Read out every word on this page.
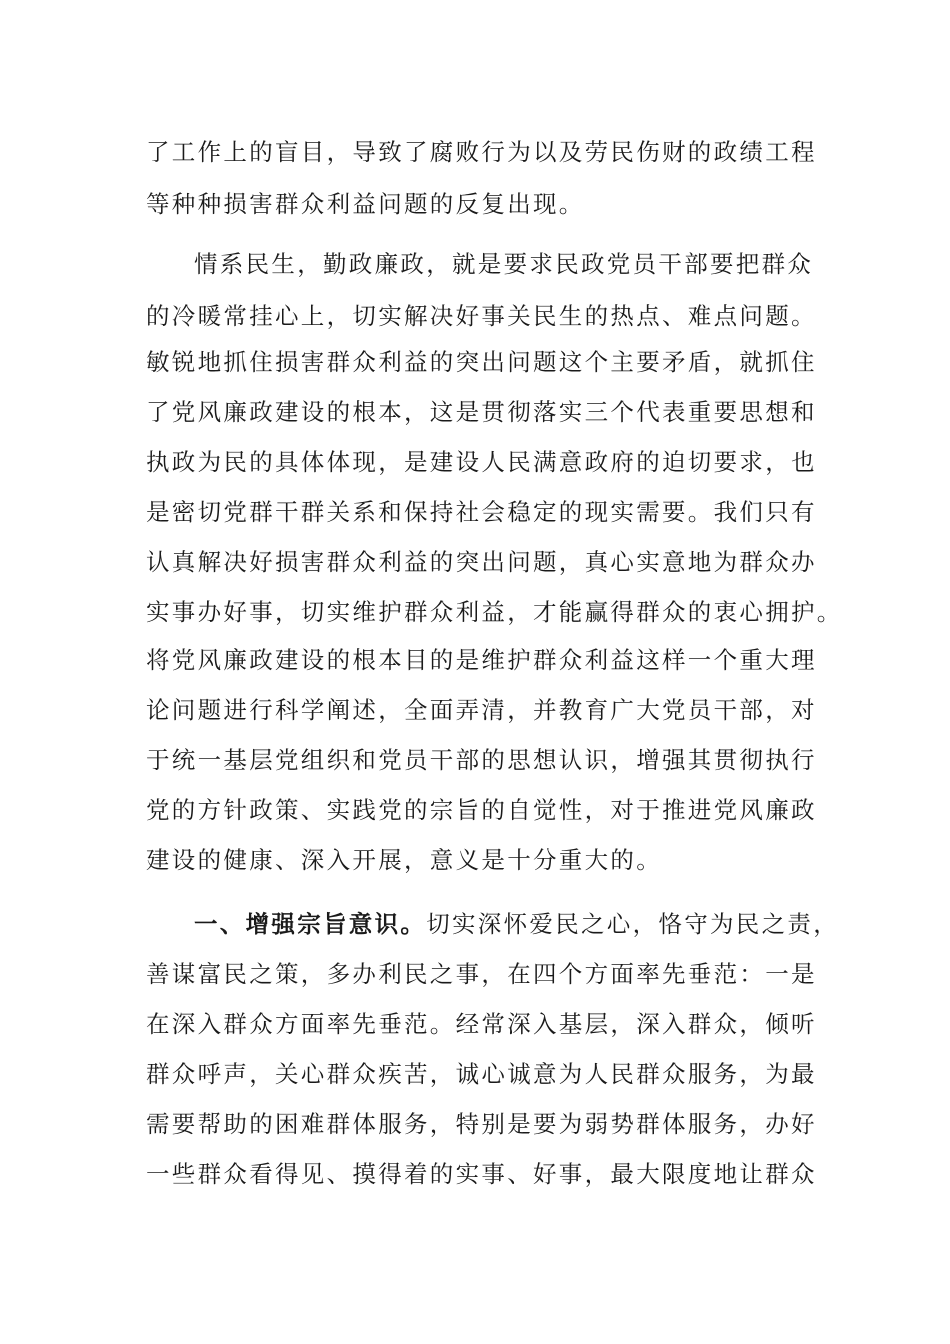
了工作上的盲目，导致了腐败行为以及劳民伤财的政绩工程
等种种损害群众利益问题的反复出现。
情系民生，勤政廉政，就是要求民政党员干部要把群众
的冷暖常挂心上，切实解决好事关民生的热点、难点问题。
敏锐地抓住损害群众利益的突出问题这个主要矛盾，就抓住
了党风廉政建设的根本，这是贯彻落实三个代表重要思想和
执政为民的具体体现，是建设人民满意政府的迫切要求，也
是密切党群干群关系和保持社会稳定的现实需要。我们只有
认真解决好损害群众利益的突出问题，真心实意地为群众办
实事办好事，切实维护群众利益，才能赢得群众的衷心拥护。
将党风廉政建设的根本目的是维护群众利益这样一个重大理
论问题进行科学阐述，全面弄清，并教育广大党员干部，对
于统一基层党组织和党员干部的思想认识，增强其贯彻执行
党的方针政策、实践党的宗旨的自觉性，对于推进党风廉政
建设的健康、深入开展，意义是十分重大的。
一、增强宗旨意识。切实深怀爱民之心，恪守为民之责，
善谋富民之策，多办利民之事，在四个方面率先垂范：一是
在深入群众方面率先垂范。经常深入基层，深入群众，倾听
群众呼声，关心群众疾苦，诚心诚意为人民群众服务，为最
需要帮助的困难群体服务，特别是要为弱势群体服务，办好
一些群众看得见、摸得着的实事、好事，最大限度地让群众
